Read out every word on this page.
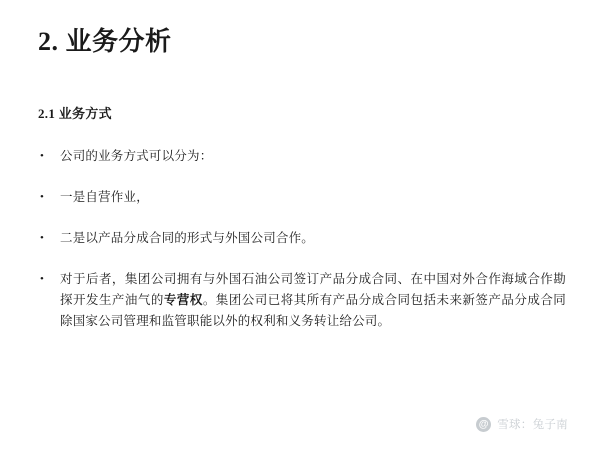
2. 业务分析
2.1 业务方式
•	公司的业务方式可以分为：
•	一是自营作业，
•	二是以产品分成合同的形式与外国公司合作。
•	对于后者，集团公司拥有与外国石油公司签订产品分成合同、在中国对外合作海域合作勘探开发生产油气的专营权。集团公司已将其所有产品分成合同包括未来新签产品分成合同除国家公司管理和监管职能以外的权利和义务转让给公司。
@ 雪球：兔子南
